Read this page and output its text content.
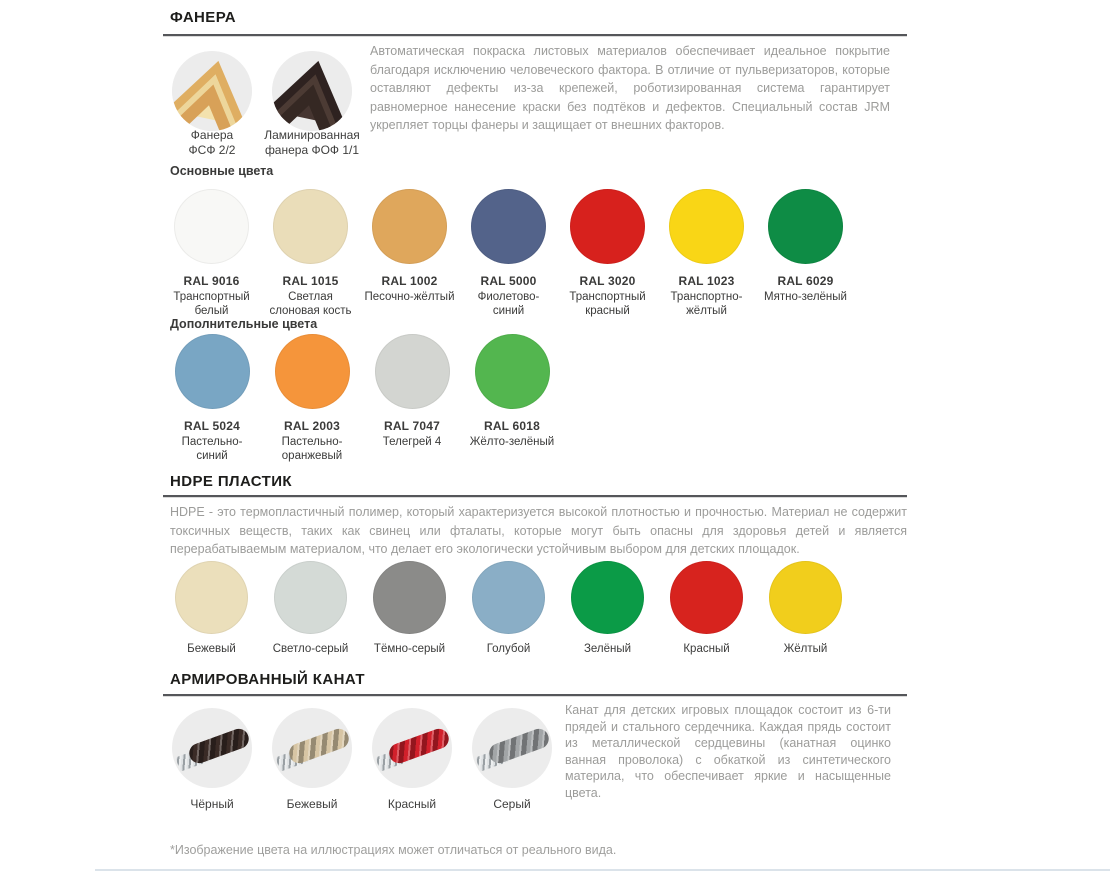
ФАНЕРА
Фанера
ФСФ 2/2
Ламинированная
фанера ФОФ 1/1
Автоматическая покраска листовых материалов обеспечивает идеальное покрытие благодаря исключению человеческого фактора. В отличие от пульверизаторов, которые оставляют дефекты из-за крепежей, роботизированная система гарантирует равномерное нанесение краски без подтёков и дефектов. Специальный состав JRM укрепляет торцы фанеры и защищает от внешних факторов.
Основные цвета
RAL 9016
Транспортный белый
RAL 1015
Светлая слоновая кость
RAL 1002
Песочно-жёлтый
RAL 5000
Фиолетово-синий
RAL 3020
Транспортный красный
RAL 1023
Транспортно-жёлтый
RAL 6029
Мятно-зелёный
Дополнительные цвета
RAL 5024
Пастельно-синий
RAL 2003
Пастельно-оранжевый
RAL 7047
Телегрей 4
RAL 6018
Жёлто-зелёный
HDPE ПЛАСТИК
HDPE - это термопластичный полимер, который характеризуется высокой плотностью и прочностью. Материал не содержит токсичных веществ, таких как свинец или фталаты, которые могут быть опасны для здоровья детей и является перерабатываемым материалом, что делает его экологически устойчивым выбором для детских площадок.
Бежевый	Светло-серый	Тёмно-серый	Голубой	Зелёный	Красный	Жёлтый
АРМИРОВАННЫЙ КАНАТ
Чёрный	Бежевый	Красный	Серый
Канат для детских игровых площадок состоит из 6-ти прядей и стального сердечника. Каждая прядь состоит из металлической сердцевины (канатная оцинко ванная проволока) с обкаткой из синтетического материла, что обеспечивает яркие и насыщенные цвета.
*Изображение цвета на иллюстрациях может отличаться от реального вида.
